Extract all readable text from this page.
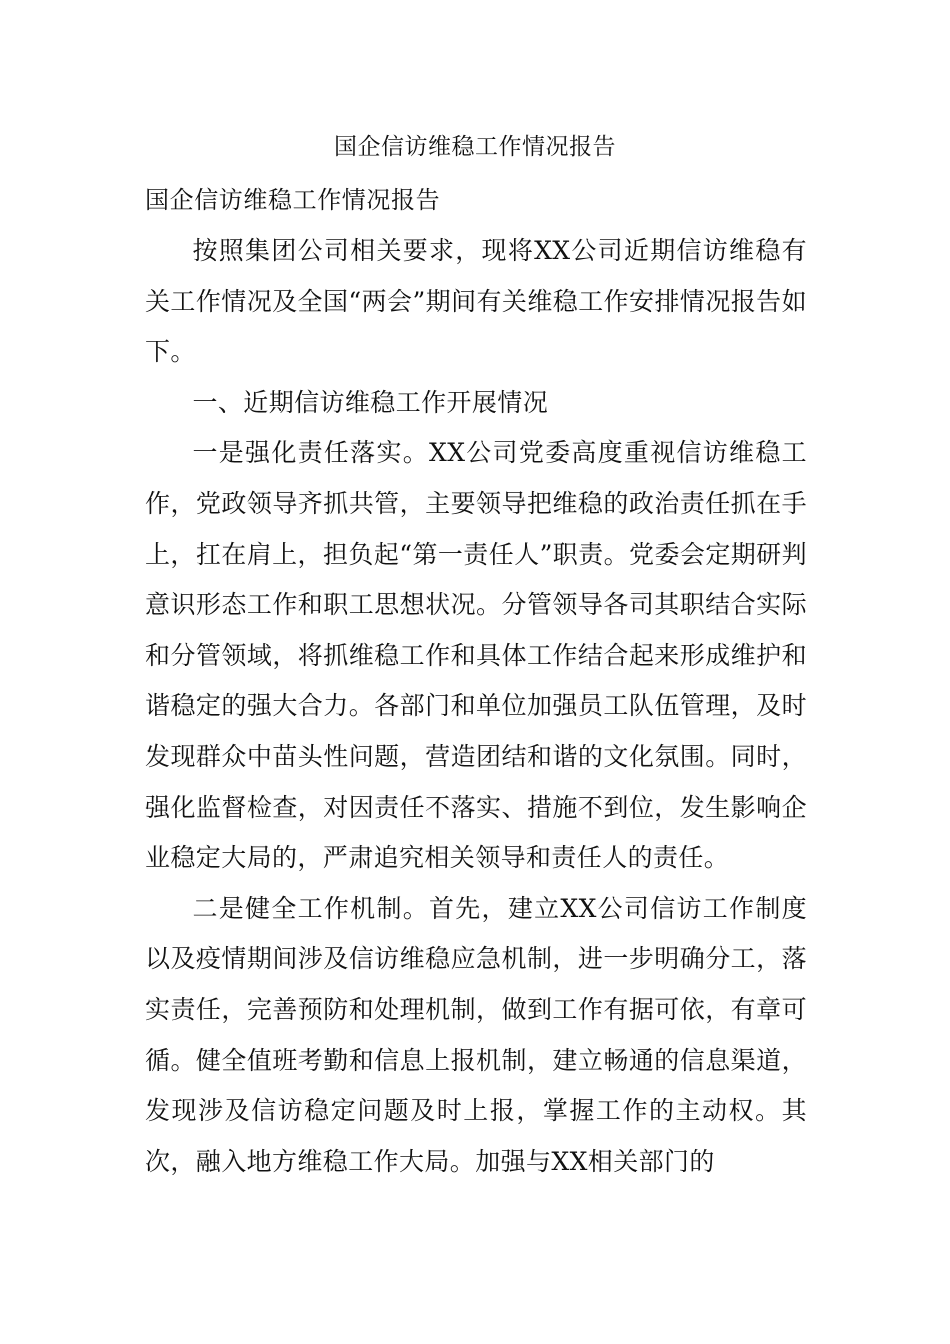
国企信访维稳工作情况报告
国企信访维稳工作情况报告

按照集团公司相关要求，现将XX公司近期信访维稳有关工作情况及全国“两会”期间有关维稳工作安排情况报告如下。

一、近期信访维稳工作开展情况

一是强化责任落实。XX公司党委高度重视信访维稳工作，党政领导齐抓共管，主要领导把维稳的政治责任抓在手上，扛在肩上，担负起“第一责任人”职责。党委会定期研判意识形态工作和职工思想状况。分管领导各司其职结合实际和分管领域，将抓维稳工作和具体工作结合起来形成维护和谐稳定的强大合力。各部门和单位加强员工队伍管理，及时发现群众中苗头性问题，营造团结和谐的文化氛围。同时，强化监督检查，对因责任不落实、措施不到位，发生影响企业稳定大局的，严肃追究相关领导和责任人的责任。

二是健全工作机制。首先，建立XX公司信访工作制度以及疫情期间涉及信访维稳应急机制，进一步明确分工，落实责任，完善预防和处理机制，做到工作有据可依，有章可循。健全值班考勤和信息上报机制，建立畅通的信息渠道，发现涉及信访稳定问题及时上报，掌握工作的主动权。其次，融入地方维稳工作大局。加强与XX相关部门的
